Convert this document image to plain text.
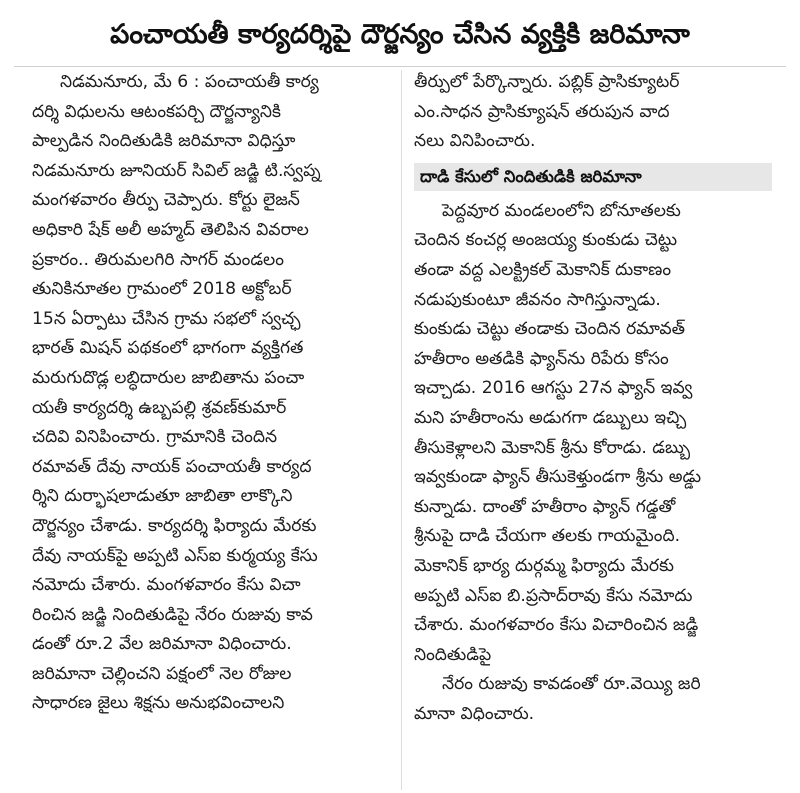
పంచాయతీ కార్యదర్శిపై దౌర్జన్యం చేసిన వ్యక్తికి జరిమానా

నిడమనూరు, మే 6 : పంచాయతీ కార్య
దర్శి విధులను ఆటంకపర్చి దౌర్జన్యానికి
పాల్పడిన నిందితుడికి జరిమానా విధిస్తూ
నిడమనూరు జూనియర్ సివిల్ జడ్జి టి.స్వప్న
మంగళవారం తీర్పు చెప్పారు. కోర్టు లైజన్
అధికారి షేక్ అలీ అహ్మద్ తెలిపిన వివరాల
ప్రకారం.. తిరుమలగిరి సాగర్ మండలం
తునికినూతల గ్రామంలో 2018 అక్టోబర్
15న ఏర్పాటు చేసిన గ్రామ సభలో స్వచ్ఛ
భారత్ మిషన్ పథకంలో భాగంగా వ్యక్తిగత
మరుగుదొడ్ల లబ్ధిదారుల జాబితాను పంచా
యతీ కార్యదర్శి ఉబ్బపల్లి శ్రవణ్‌కుమార్
చదివి వినిపించారు. గ్రామానికి చెందిన
రమావత్ దేవు నాయక్ పంచాయతీ కార్యద
ర్శిని దుర్భాషలాడుతూ జాబితా లాక్కొని
దౌర్జన్యం చేశాడు. కార్యదర్శి ఫిర్యాదు మేరకు
దేవు నాయక్‌పై అప్పటి ఎస్‌ఐ కుర్మయ్య కేసు
నమోదు చేశారు. మంగళవారం కేసు విచా
రించిన జడ్జి నిందితుడిపై నేరం రుజువు కావ
డంతో రూ.2 వేల జరిమానా విధించారు.
జరిమానా చెల్లించని పక్షంలో నెల రోజుల
సాధారణ జైలు శిక్షను అనుభవించాలని

తీర్పులో పేర్కొన్నారు. పబ్లిక్ ప్రాసిక్యూటర్
ఎం.సాధన ప్రాసిక్యూషన్ తరుపున వాద
నలు వినిపించారు.

దాడి కేసులో నిందితుడికి జరిమానా

పెద్దవూర మండలంలోని బోనూతలకు
చెందిన కంచర్ల అంజయ్య కుంకుడు చెట్టు
తండా వద్ద ఎలక్ట్రికల్ మెకానిక్ దుకాణం
నడుపుకుంటూ జీవనం సాగిస్తున్నాడు.
కుంకుడు చెట్టు తండాకు చెందిన రమావత్
హతీరాం అతడికి ఫ్యాన్‌ను రిపేరు కోసం
ఇచ్చాడు. 2016 ఆగస్టు 27న ఫ్యాన్ ఇవ్వ
మని హతీరాంను అడుగగా డబ్బులు ఇచ్చి
తీసుకెళ్లాలని మెకానిక్ శ్రీను కోరాడు. డబ్బు
ఇవ్వకుండా ఫ్యాన్ తీసుకెళ్తుండగా శ్రీను అడ్డు
కున్నాడు. దాంతో హతీరాం ఫ్యాన్ గడ్డతో
శ్రీనుపై దాడి చేయగా తలకు గాయమైంది.
మెకానిక్ భార్య దుర్గమ్మ ఫిర్యాదు మేరకు
అప్పటి ఎస్‌ఐ బి.ప్రసాద్‌రావు కేసు నమోదు
చేశారు. మంగళవారం కేసు విచారించిన జడ్జి
నిందితుడిపై

నేరం రుజువు కావడంతో రూ.వెయ్యి జరి
మానా విధించారు.
